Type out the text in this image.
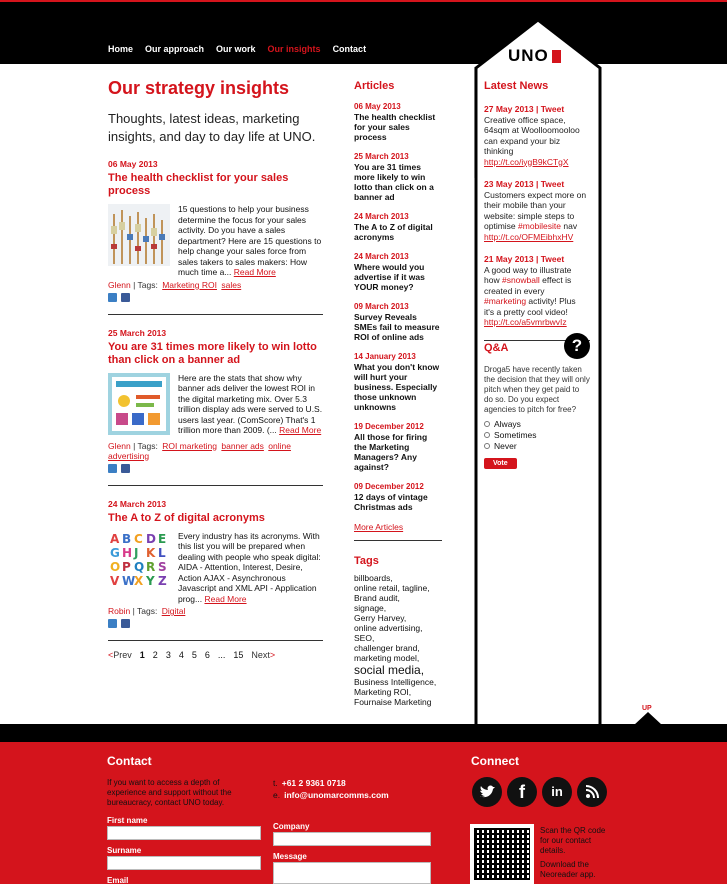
Home Our approach Our work Our insights Contact	UNO
Our strategy insights
Thoughts, latest ideas, marketing insights, and day to day life at UNO.
06 May 2013
The health checklist for your sales process
15 questions to help your business determine the focus for your sales activity. Do you have a sales department? Here are 15 questions to help change your sales force from sales takers to sales makers: How much time a... Read More
Glenn | Tags: Marketing ROI sales
25 March 2013
You are 31 times more likely to win lotto than click on a banner ad
Here are the stats that show why banner ads deliver the lowest ROI in the digital marketing mix. Over 5.3 trillion display ads were served to U.S. users last year. (ComScore) That's 1 trillion more than 2009. (... Read More
Glenn | Tags: ROI marketing banner ads online advertising
24 March 2013
The A to Z of digital acronyms
A B C D E
G H J K L
O P Q R S
V W
X Y Z
Every industry has its acronyms. With this list you will be prepared when dealing with people who speak digital: AIDA - Attention, Interest, Desire, Action AJAX - Asynchronous Javascript and XML API - Application prog... Read More
Robin | Tags: Digital
<Prev 1 2 3 4 5 6 ... 15 Next>
Articles
06 May 2013
The health checklist for your sales process
25 March 2013
You are 31 times more likely to win lotto than click on a banner ad
24 March 2013
The A to Z of digital acronyms
24 March 2013
Where would you advertise if it was YOUR money?
09 March 2013
Survey Reveals SMEs fail to measure ROI of online ads
14 January 2013
What you don't know will hurt your business. Especially those unknown unknowns
19 December 2012
All those for firing the Marketing Managers? Any against?
09 December 2012
12 days of vintage Christmas ads
More Articles
Tags
billboards,
online retail, tagline,
Brand audit,
signage,
Gerry Harvey,
online advertising,
SEO,
challenger brand,
marketing model,
social media,
Business Intelligence,
Marketing ROI,
Fournaise Marketing
Latest News
27 May 2013 | Tweet
Creative office space, 64sqm at Woolloomooloo can expand your biz thinking
http://t.co/iygB9kCTgX
23 May 2013 | Tweet
Customers expect more on their mobile than your website: simple steps to optimise #mobilesite nav
http://t.co/OFMEibhxHV
21 May 2013 | Tweet
A good way to illustrate how #snowball effect is created in every #marketing activity! Plus it's a pretty cool video!
http://t.co/a5vmrbwvIz
Q&A	?
Droga5 have recently taken the decision that they will only pitch when they get paid to do so. Do you expect agencies to pitch for free?
Always
Sometimes
Never
Vote
UP
Contact
If you want to access a depth of experience and support without the bureaucracy, contact UNO today.
t. +61 2 9361 0718
e. info@unomarcomms.com
First name
Surname
Email
Company
Message
Connect
f	in
Scan the QR code for our contact details.
Download the Neoreader app.
